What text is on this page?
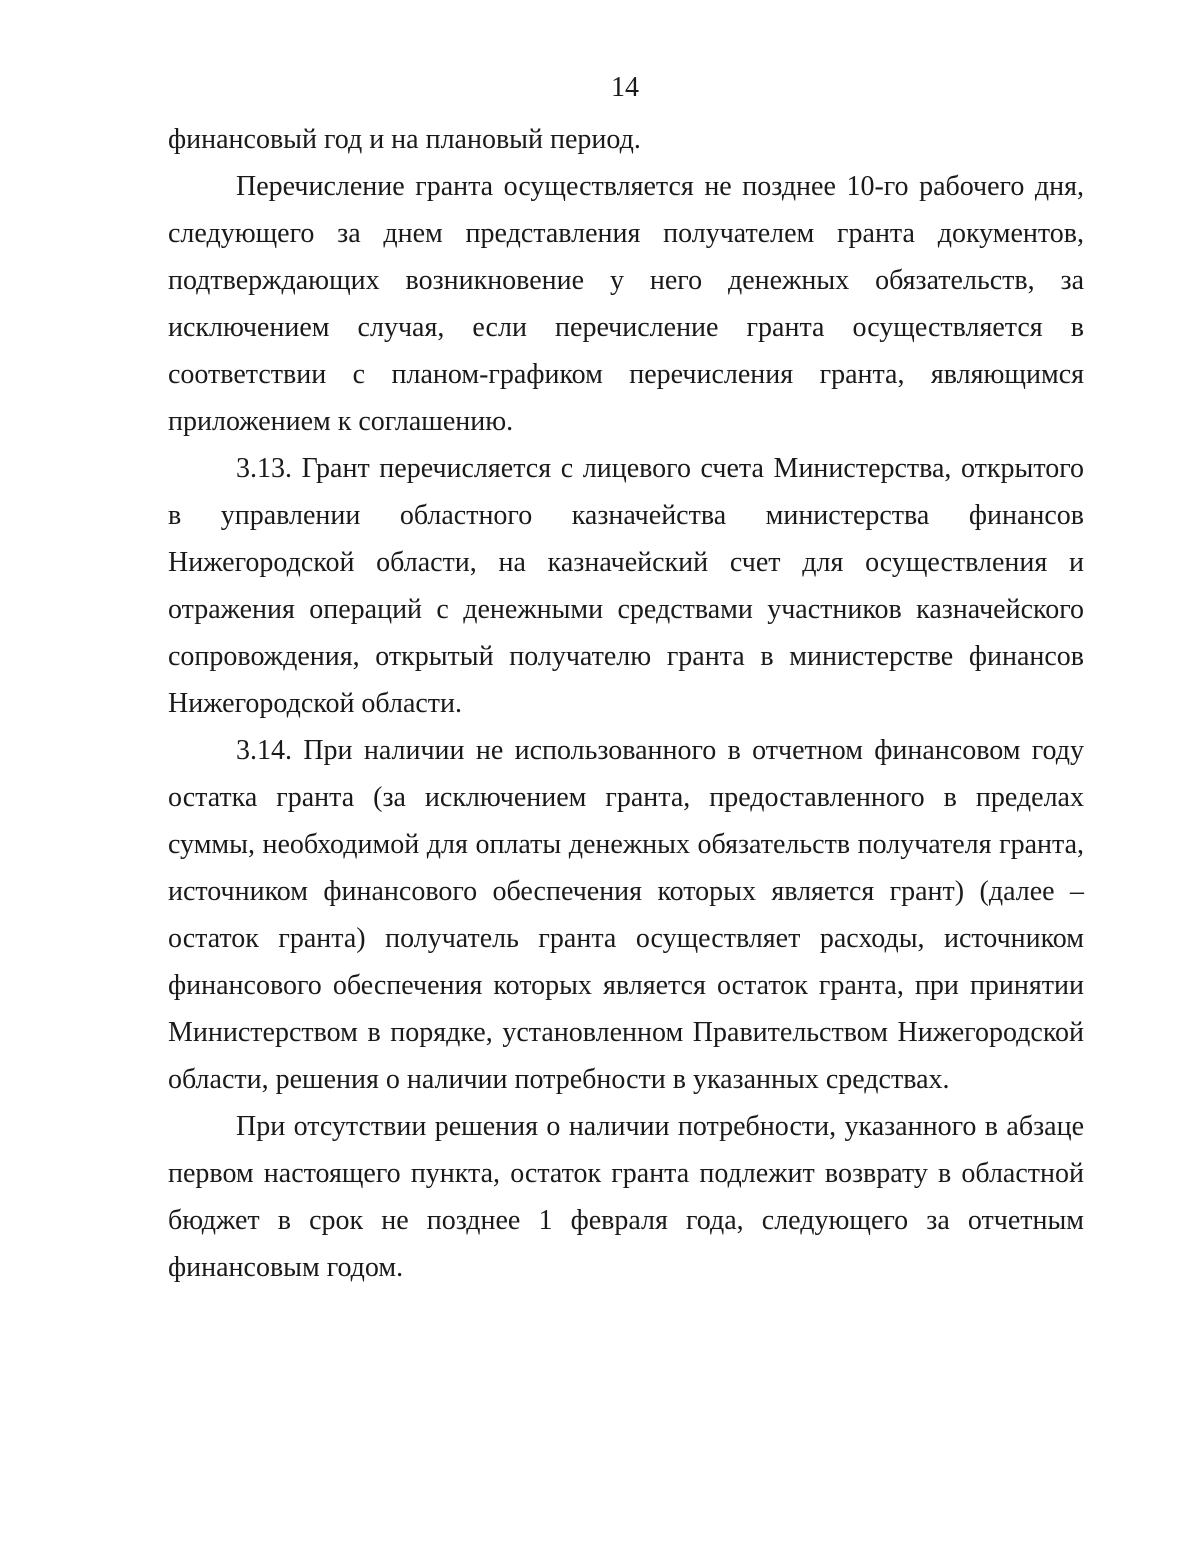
14

финансовый год и на плановый период.

Перечисление гранта осуществляется не позднее 10-го рабочего дня, следующего за днем представления получателем гранта документов, подтверждающих возникновение у него денежных обязательств, за исключением случая, если перечисление гранта осуществляется в соответствии с планом-графиком перечисления гранта, являющимся приложением к соглашению.

3.13. Грант перечисляется с лицевого счета Министерства, открытого в управлении областного казначейства министерства финансов Нижегородской области, на казначейский счет для осуществления и отражения операций с денежными средствами участников казначейского сопровождения, открытый получателю гранта в министерстве финансов Нижегородской области.

3.14. При наличии не использованного в отчетном финансовом году остатка гранта (за исключением гранта, предоставленного в пределах суммы, необходимой для оплаты денежных обязательств получателя гранта, источником финансового обеспечения которых является грант) (далее – остаток гранта) получатель гранта осуществляет расходы, источником финансового обеспечения которых является остаток гранта, при принятии Министерством в порядке, установленном Правительством Нижегородской области, решения о наличии потребности в указанных средствах.

При отсутствии решения о наличии потребности, указанного в абзаце первом настоящего пункта, остаток гранта подлежит возврату в областной бюджет в срок не позднее 1 февраля года, следующего за отчетным финансовым годом.
